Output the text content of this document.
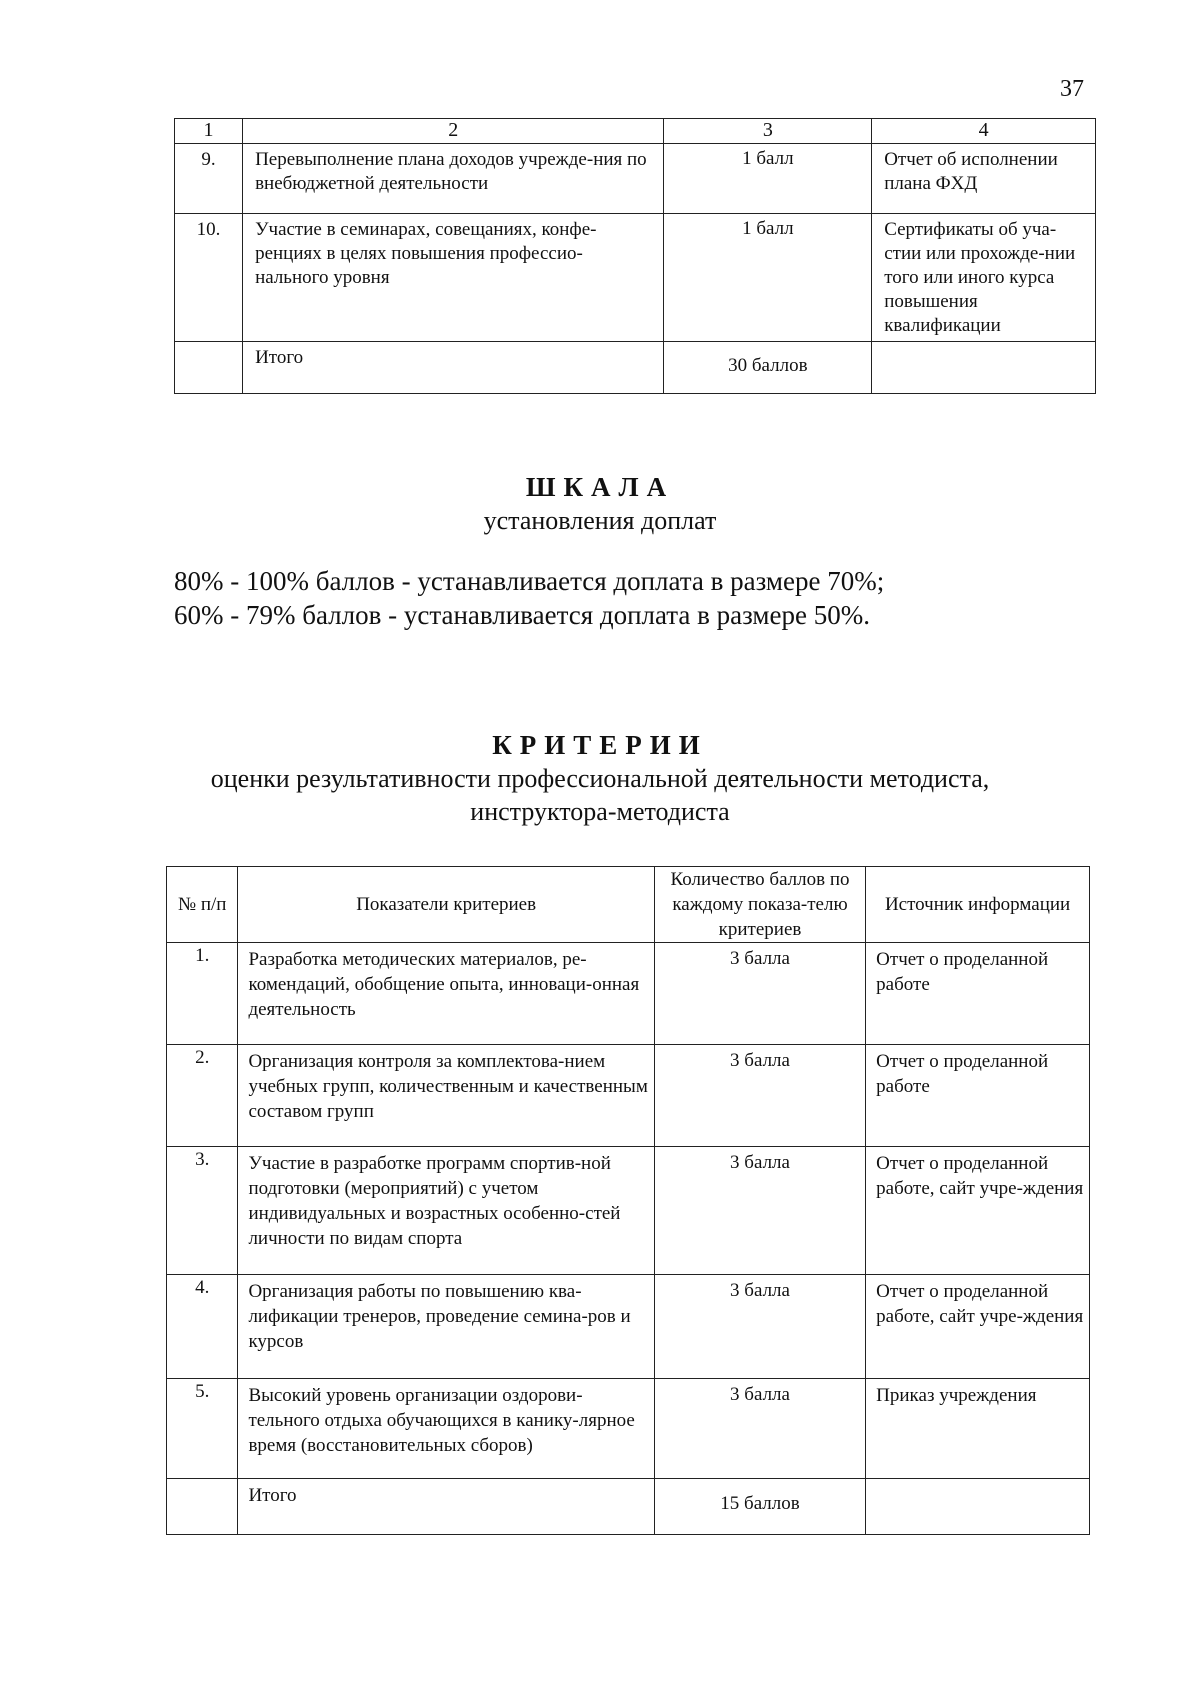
37
1	2	3	4
9.	Перевыполнение плана доходов учрежде-ния по внебюджетной деятельности	1 балл	Отчет об исполнении плана ФХД
10.	Участие в семинарах, совещаниях, конфе-ренциях в целях повышения профессио-нального уровня	1 балл	Сертификаты об уча-стии или прохожде-нии того или иного курса повышения квалификации
	Итого	30 баллов	
ШКАЛА
установления доплат
80% - 100% баллов - устанавливается доплата в размере 70%;
60% - 79% баллов - устанавливается доплата в размере 50%.
КРИТЕРИИ
оценки результативности профессиональной деятельности методиста,
инструктора-методиста
№ п/п	Показатели критериев	Количество баллов по каждому показа-телю критериев	Источник информации
1.	Разработка методических материалов, ре-комендаций, обобщение опыта, инноваци-онная деятельность	3 балла	Отчет о проделанной работе
2.	Организация контроля за комплектова-нием учебных групп, количественным и качественным составом групп	3 балла	Отчет о проделанной работе
3.	Участие в разработке программ спортив-ной подготовки (мероприятий) с учетом индивидуальных и возрастных особенно-стей личности по видам спорта	3 балла	Отчет о проделанной работе, сайт учре-ждения
4.	Организация работы по повышению ква-лификации тренеров, проведение семина-ров и курсов	3 балла	Отчет о проделанной работе, сайт учре-ждения
5.	Высокий уровень организации оздорови-тельного отдыха обучающихся в канику-лярное время (восстановительных сборов)	3 балла	Приказ учреждения
	Итого	15 баллов	
